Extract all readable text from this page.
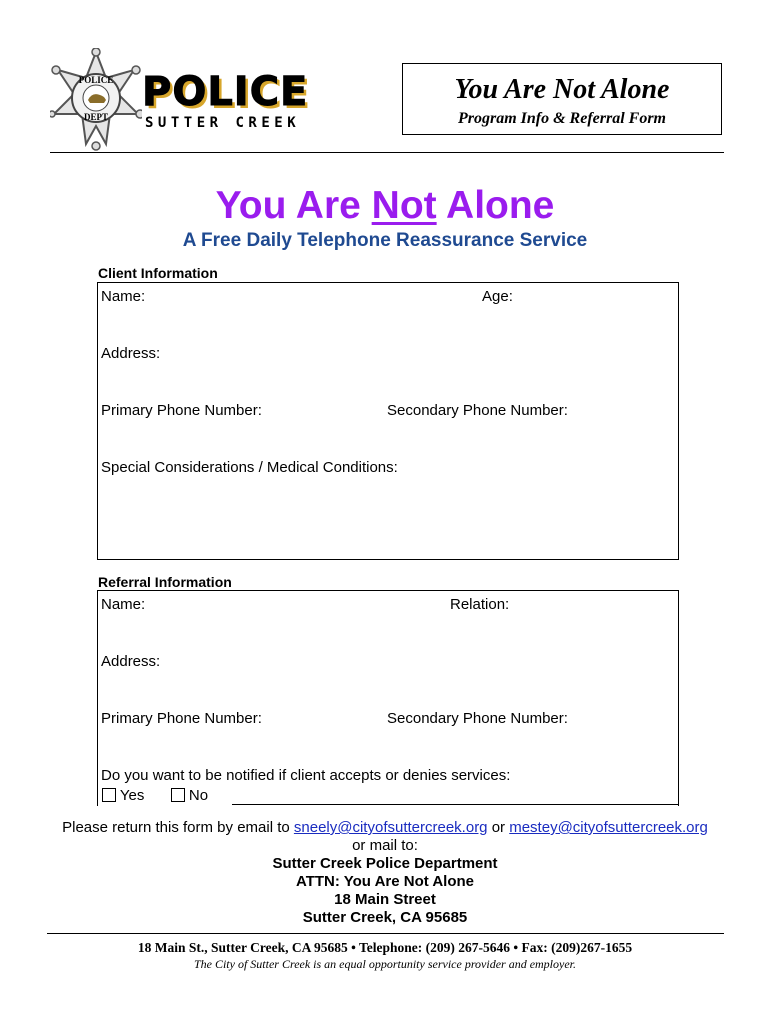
POLICE
DEPT
POLICE
SUTTER CREEK
You Are Not Alone
Program Info & Referral Form
You Are Not Alone
A Free Daily Telephone Reassurance Service
Client Information
Name:	Age:
Address:
Primary Phone Number:	Secondary Phone Number:
Special Considerations / Medical Conditions:
Referral Information
Name:	Relation:
Address:
Primary Phone Number:	Secondary Phone Number:
Do you want to be notified if client accepts or denies services:
Yes	No
Please return this form by email to sneely@cityofsuttercreek.org or mestey@cityofsuttercreek.org
or mail to:
Sutter Creek Police Department
ATTN: You Are Not Alone
18 Main Street
Sutter Creek, CA 95685
18 Main St., Sutter Creek, CA 95685 • Telephone: (209) 267-5646 • Fax: (209)267-1655
The City of Sutter Creek is an equal opportunity service provider and employer.
